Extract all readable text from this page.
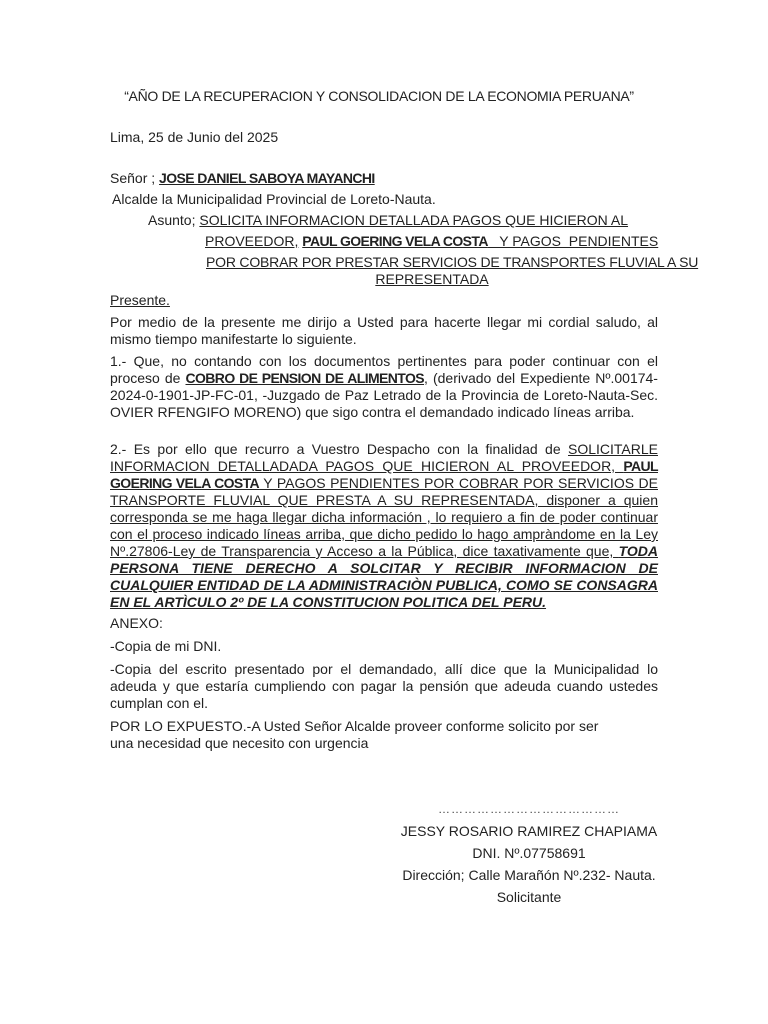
“AÑO DE LA RECUPERACION Y CONSOLIDACION DE LA ECONOMIA PERUANA”

Lima, 25 de Junio del 2025

Señor ; JOSE DANIEL SABOYA MAYANCHI

Alcalde la Municipalidad Provincial de Loreto-Nauta.

Asunto; SOLICITA INFORMACION DETALLADA PAGOS QUE HICIERON AL

PROVEEDOR, PAUL GOERING VELA COSTA   Y PAGOS  PENDIENTES

POR COBRAR POR PRESTAR SERVICIOS DE TRANSPORTES FLUVIAL A SU

REPRESENTADA

Presente.

Por medio de la presente me dirijo a Usted para hacerte llegar mi cordial saludo, al mismo tiempo manifestarte lo siguiente.

1.- Que, no contando con los documentos pertinentes para poder continuar con el proceso de COBRO DE PENSION DE ALIMENTOS, (derivado del Expediente Nº.00174-2024-0-1901-JP-FC-01, -Juzgado de Paz Letrado de la Provincia de Loreto-Nauta-Sec. OVIER RFENGIFO MORENO) que sigo contra el demandado indicado líneas arriba.

2.- Es por ello que recurro a Vuestro Despacho con la finalidad de SOLICITARLE INFORMACION DETALLADADA PAGOS QUE HICIERON AL PROVEEDOR, PAUL GOERING VELA COSTA Y PAGOS PENDIENTES POR COBRAR POR SERVICIOS DE TRANSPORTE FLUVIAL QUE PRESTA A SU REPRESENTADA, disponer a quien corresponda se me haga llegar dicha información , lo requiero a fin de poder continuar con el proceso indicado líneas arriba, que dicho pedido lo hago ampràndome en la Ley Nº.27806-Ley de Transparencia y Acceso a la Pública, dice taxativamente que, TODA PERSONA TIENE DERECHO A SOLCITAR Y RECIBIR INFORMACION DE CUALQUIER ENTIDAD DE LA ADMINISTRACIÒN PUBLICA, COMO SE CONSAGRA EN EL ARTÌCULO 2º DE LA CONSTITUCION POLITICA DEL PERU.

ANEXO:

-Copia de mi DNI.

-Copia del escrito presentado por el demandado, allí dice que la Municipalidad lo adeuda y que estaría cumpliendo con pagar la pensión que adeuda cuando ustedes cumplan con el.

POR LO EXPUESTO.-A Usted Señor Alcalde proveer conforme solicito por ser una necesidad que necesito con urgencia

……………………………………

JESSY ROSARIO RAMIREZ CHAPIAMA

DNI. Nº.07758691

Dirección; Calle Marañón Nº.232- Nauta.

Solicitante
